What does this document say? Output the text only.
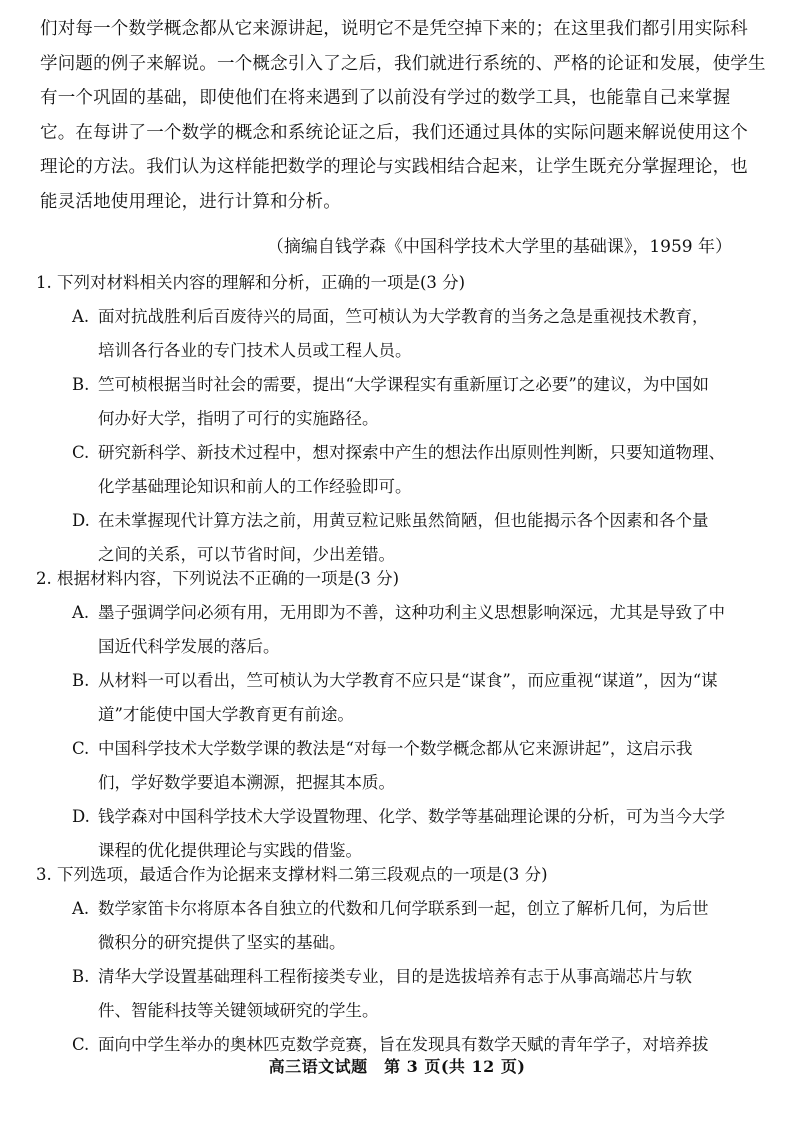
们对每一个数学概念都从它来源讲起，说明它不是凭空掉下来的；在这里我们都引用实际科
学问题的例子来解说。一个概念引入了之后，我们就进行系统的、严格的论证和发展，使学生
有一个巩固的基础，即使他们在将来遇到了以前没有学过的数学工具，也能靠自己来掌握
它。在每讲了一个数学的概念和系统论证之后，我们还通过具体的实际问题来解说使用这个
理论的方法。我们认为这样能把数学的理论与实践相结合起来，让学生既充分掌握理论，也
能灵活地使用理论，进行计算和分析。
（摘编自钱学森《中国科学技术大学里的基础课》，1959 年）
1. 下列对材料相关内容的理解和分析，正确的一项是(3 分)
A. 面对抗战胜利后百废待兴的局面，竺可桢认为大学教育的当务之急是重视技术教育，
培训各行各业的专门技术人员或工程人员。
B. 竺可桢根据当时社会的需要，提出“大学课程实有重新厘订之必要”的建议，为中国如
何办好大学，指明了可行的实施路径。
C. 研究新科学、新技术过程中，想对探索中产生的想法作出原则性判断，只要知道物理、
化学基础理论知识和前人的工作经验即可。
D. 在未掌握现代计算方法之前，用黄豆粒记账虽然简陋，但也能揭示各个因素和各个量
之间的关系，可以节省时间，少出差错。
2. 根据材料内容，下列说法不正确的一项是(3 分)
A. 墨子强调学问必须有用，无用即为不善，这种功利主义思想影响深远，尤其是导致了中
国近代科学发展的落后。
B. 从材料一可以看出，竺可桢认为大学教育不应只是“谋食”，而应重视“谋道”，因为“谋
道”才能使中国大学教育更有前途。
C. 中国科学技术大学数学课的教法是“对每一个数学概念都从它来源讲起”，这启示我
们，学好数学要追本溯源，把握其本质。
D. 钱学森对中国科学技术大学设置物理、化学、数学等基础理论课的分析，可为当今大学
课程的优化提供理论与实践的借鉴。
3. 下列选项，最适合作为论据来支撑材料二第三段观点的一项是(3 分)
A. 数学家笛卡尔将原本各自独立的代数和几何学联系到一起，创立了解析几何，为后世
微积分的研究提供了坚实的基础。
B. 清华大学设置基础理科工程衔接类专业，目的是选拔培养有志于从事高端芯片与软
件、智能科技等关键领域研究的学生。
C. 面向中学生举办的奥林匹克数学竞赛，旨在发现具有数学天赋的青年学子，对培养拔
高三语文试题　第 3 页(共 12 页)
